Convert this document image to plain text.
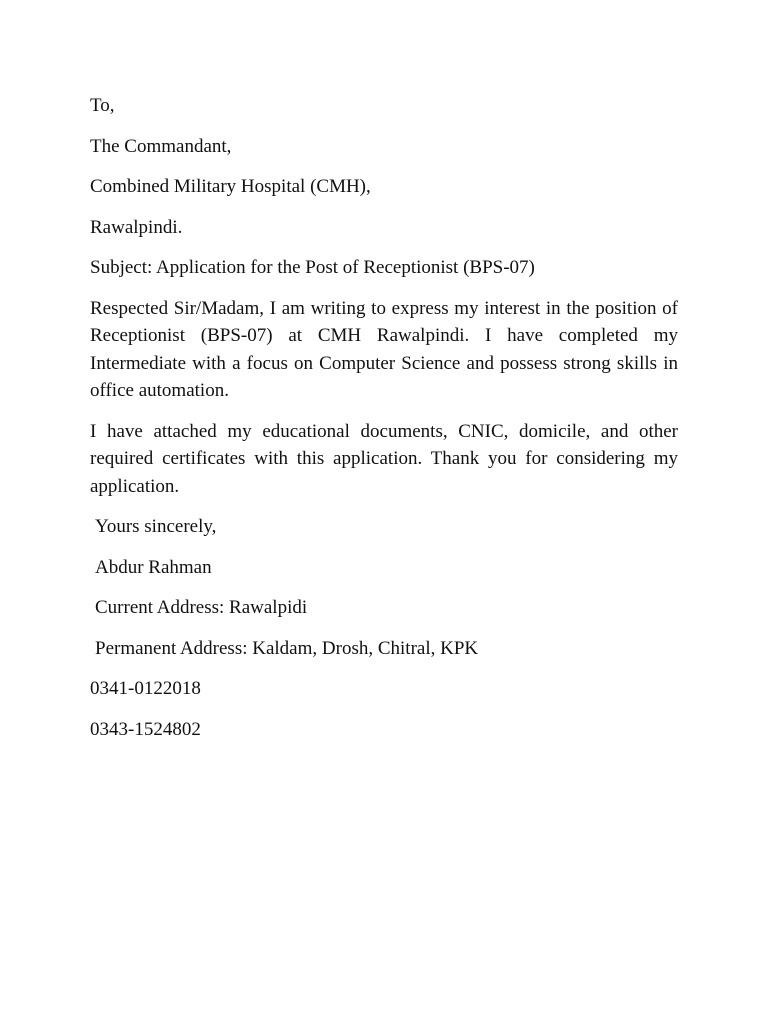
To,

The Commandant,

Combined Military Hospital (CMH),

Rawalpindi.

Subject: Application for the Post of Receptionist (BPS-07)

Respected Sir/Madam, I am writing to express my interest in the position of Receptionist (BPS-07) at CMH Rawalpindi. I have completed my Intermediate with a focus on Computer Science and possess strong skills in office automation.

I have attached my educational documents, CNIC, domicile, and other required certificates with this application. Thank you for considering my application.

Yours sincerely,

Abdur Rahman

Current Address: Rawalpidi

Permanent Address: Kaldam, Drosh, Chitral, KPK

0341-0122018

0343-1524802
